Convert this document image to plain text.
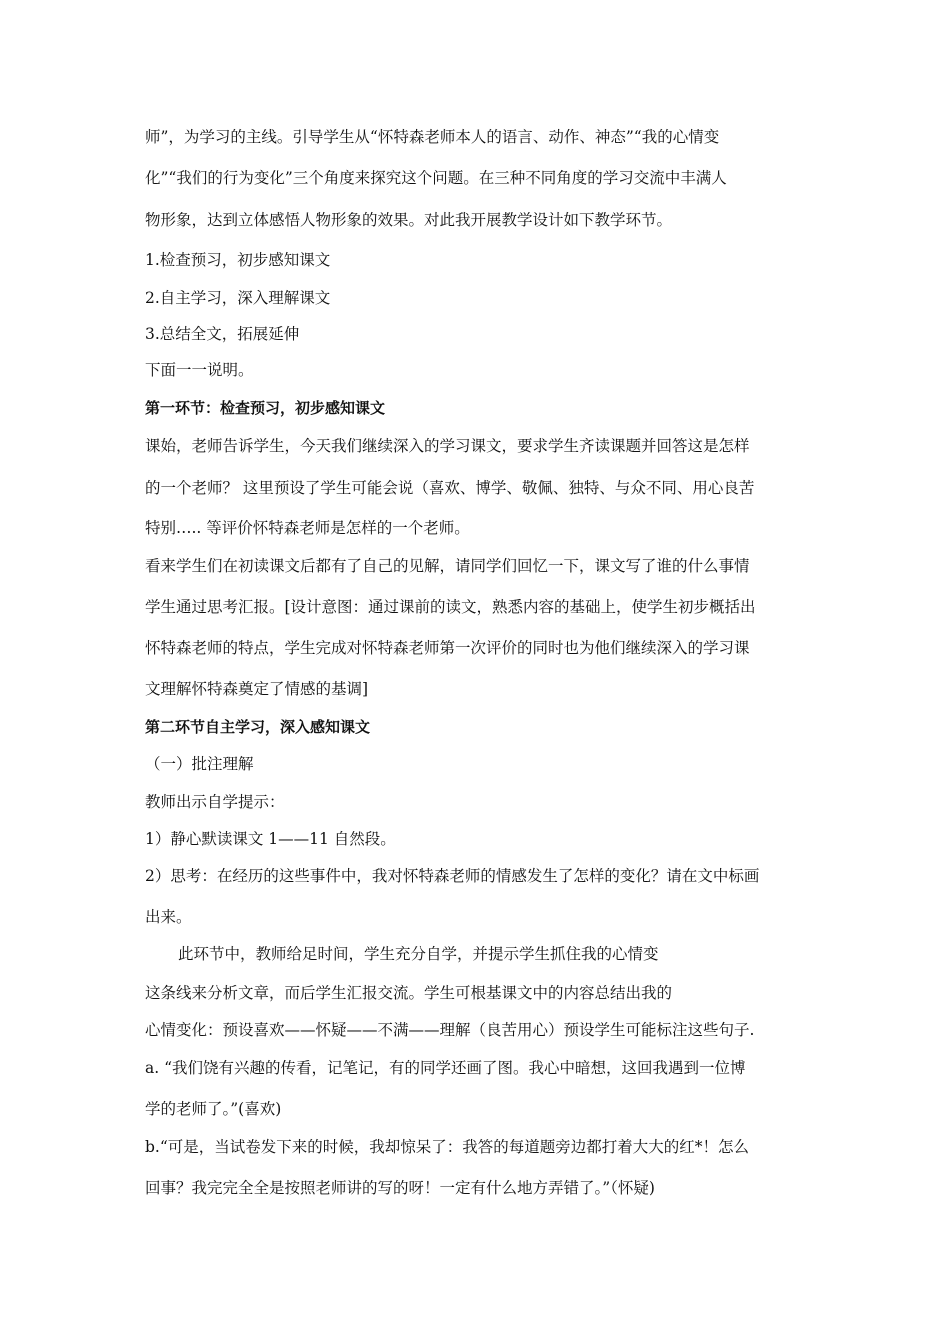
师”，为学习的主线。引导学生从“怀特森老师本人的语言、动作、神态”“我的心情变
化”“我们的行为变化”三个角度来探究这个问题。在三种不同角度的学习交流中丰满人
物形象，达到立体感悟人物形象的效果。对此我开展教学设计如下教学环节。
1.检查预习，初步感知课文
2.自主学习，深入理解课文
3.总结全文，拓展延伸
下面一一说明。
第一环节：检查预习，初步感知课文
课始，老师告诉学生，今天我们继续深入的学习课文，要求学生齐读课题并回答这是怎样
的一个老师？ 这里预设了学生可能会说（喜欢、博学、敬佩、独特、与众不同、用心良苦
特别….. 等评价怀特森老师是怎样的一个老师。
看来学生们在初读课文后都有了自己的见解，请同学们回忆一下，课文写了谁的什么事情
学生通过思考汇报。[设计意图：通过课前的读文，熟悉内容的基础上，使学生初步概括出
怀特森老师的特点，学生完成对怀特森老师第一次评价的同时也为他们继续深入的学习课
文理解怀特森奠定了情感的基调]
第二环节自主学习，深入感知课文
（一）批注理解
教师出示自学提示：
1）静心默读课文 1——11 自然段。
2）思考：在经历的这些事件中，我对怀特森老师的情感发生了怎样的变化？请在文中标画
出来。
此环节中，教师给足时间，学生充分自学，并提示学生抓住我的心情变
这条线来分析文章，而后学生汇报交流。学生可根基课文中的内容总结出我的
心情变化：预设喜欢——怀疑——不满——理解（良苦用心）预设学生可能标注这些句子.
a. “我们饶有兴趣的传看，记笔记，有的同学还画了图。我心中暗想，这回我遇到一位博
学的老师了。”(喜欢)
b.“可是，当试卷发下来的时候，我却惊呆了：我答的每道题旁边都打着大大的红*！怎么
回事？我完完全全是按照老师讲的写的呀！一定有什么地方弄错了。”（怀疑)
